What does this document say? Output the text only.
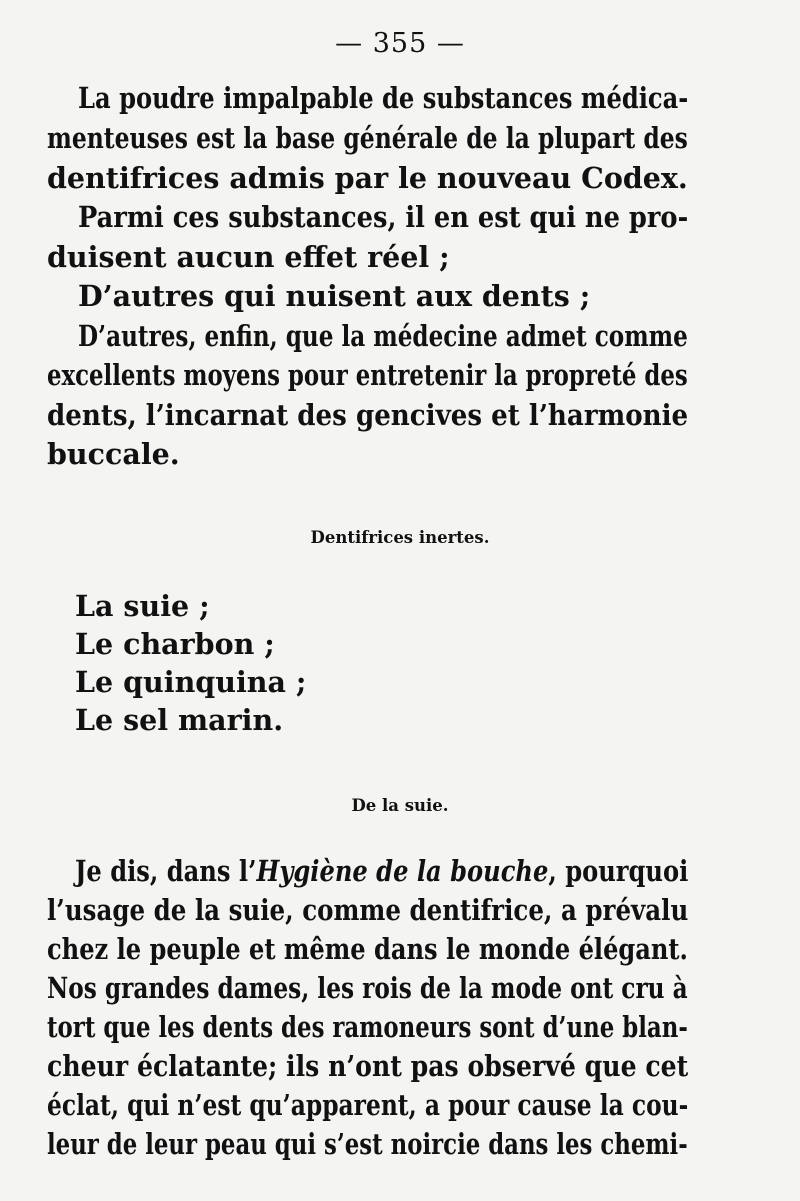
— 355 —
La poudre impalpable de substances médica-
menteuses est la base générale de la plupart des
dentifrices admis par le nouveau Codex.
Parmi ces substances, il en est qui ne pro-
duisent aucun effet réel ;
D’autres qui nuisent aux dents ;
D’autres, enfin, que la médecine admet comme
excellents moyens pour entretenir la propreté des
dents, l’incarnat des gencives et l’harmonie
buccale.
Dentifrices inertes.
La suie ;
Le charbon ;
Le quinquina ;
Le sel marin.
De la suie.
Je dis, dans l’Hygiène de la bouche, pourquoi
l’usage de la suie, comme dentifrice, a prévalu
chez le peuple et même dans le monde élégant.
Nos grandes dames, les rois de la mode ont cru à
tort que les dents des ramoneurs sont d’une blan-
cheur éclatante; ils n’ont pas observé que cet
éclat, qui n’est qu’apparent, a pour cause la cou-
leur de leur peau qui s’est noircie dans les chemi-
